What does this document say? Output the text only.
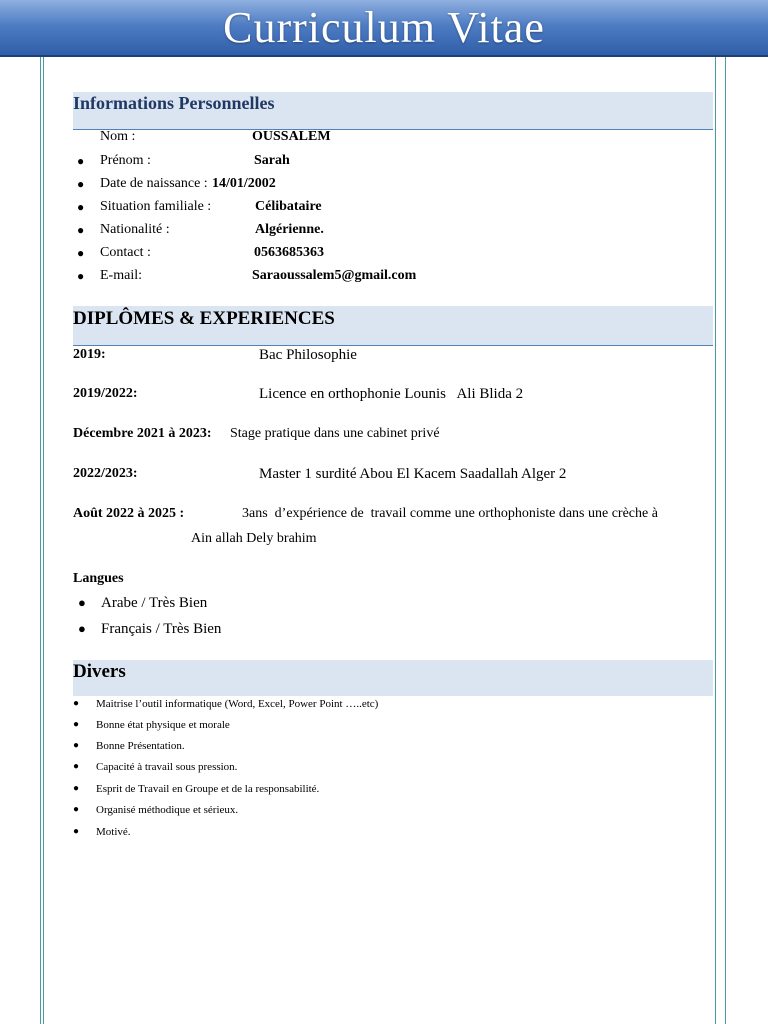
Curriculum Vitae
Informations Personnelles
Nom :	OUSSALEM
● Prénom :	Sarah
● Date de naissance : 14/01/2002
● Situation familiale :	Célibataire
● Nationalité :	Algérienne.
● Contact :	0563685363
● E-mail:	Saraoussalem5@gmail.com
DIPLÔMES & EXPERIENCES
2019:	Bac Philosophie
2019/2022:	Licence en orthophonie Lounis   Ali Blida 2
Décembre 2021 à 2023: Stage pratique dans une cabinet privé
2022/2023:	Master 1 surdité Abou El Kacem Saadallah Alger 2
Août 2022 à 2025 :	3ans  d’expérience de  travail comme une orthophoniste dans une crèche à
Ain allah Dely brahim
Langues
● Arabe / Très Bien
● Français / Très Bien
Divers
● Maitrise l’outil informatique (Word, Excel, Power Point …..etc)
● Bonne état physique et morale
● Bonne Présentation.
● Capacité à travail sous pression.
● Esprit de Travail en Groupe et de la responsabilité.
● Organisé méthodique et sérieux.
● Motivé.
